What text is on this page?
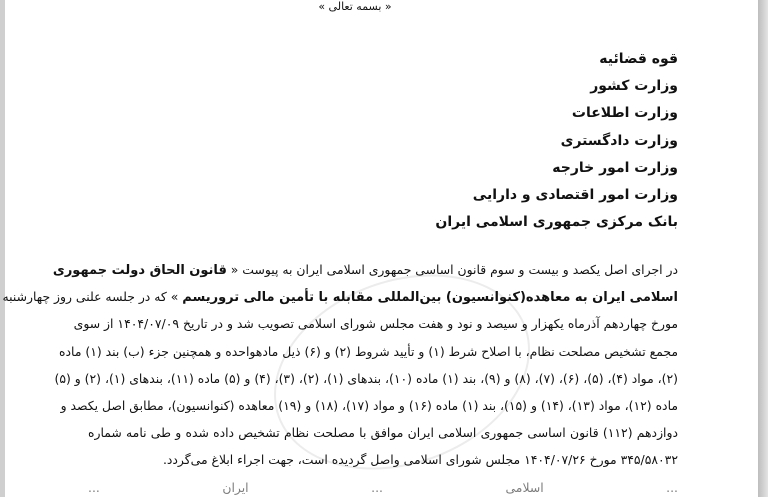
« بسمه تعالی »
قوه قضائیه
وزارت کشور
وزارت اطلاعات
وزارت دادگستری
وزارت امور خارجه
وزارت امور اقتصادی و دارایی
بانک مرکزی جمهوری اسلامی ایران
در اجرای اصل یکصد و بیست و سوم قانون اساسی جمهوری اسلامی ایران به پیوست « قانون الحاق دولت جمهوری
اسلامی ایران به معاهده(کنوانسیون) بین‌المللی مقابله با تأمین مالی تروریسم » که در جلسه علنی روز چهارشنبه
مورخ چهاردهم آذرماه یکهزار و سیصد و نود و هفت مجلس شورای اسلامی تصویب شد و در تاریخ ۱۴۰۴/۰۷/۰۹ از سوی
مجمع تشخیص مصلحت نظام، با اصلاح شرط (۱) و تأیید شروط (۲) و (۶) ذیل مادهواحده و همچنین جزء (ب) بند (۱) ماده
(۲)، مواد (۴)، (۵)، (۶)، (۷)، (۸) و (۹)، بند (۱) ماده (۱۰)، بندهای (۱)، (۲)، (۳)، (۴) و (۵) ماده (۱۱)، بندهای (۱)، (۲) و (۵)
ماده (۱۲)، مواد (۱۳)، (۱۴) و (۱۵)، بند (۱) ماده (۱۶) و مواد (۱۷)، (۱۸) و (۱۹) معاهده (کنوانسیون)، مطابق اصل یکصد و
دوازدهم (۱۱۲) قانون اساسی جمهوری اسلامی ایران موافق با مصلحت نظام تشخیص داده شده و طی نامه شماره
۳۴۵/۵۸۰۳۲ مورخ ۱۴۰۴/۰۷/۲۶ مجلس شورای اسلامی واصل گردیده است، جهت اجراء ابلاغ می‌گردد.
... اسلامی ... ایران ...
